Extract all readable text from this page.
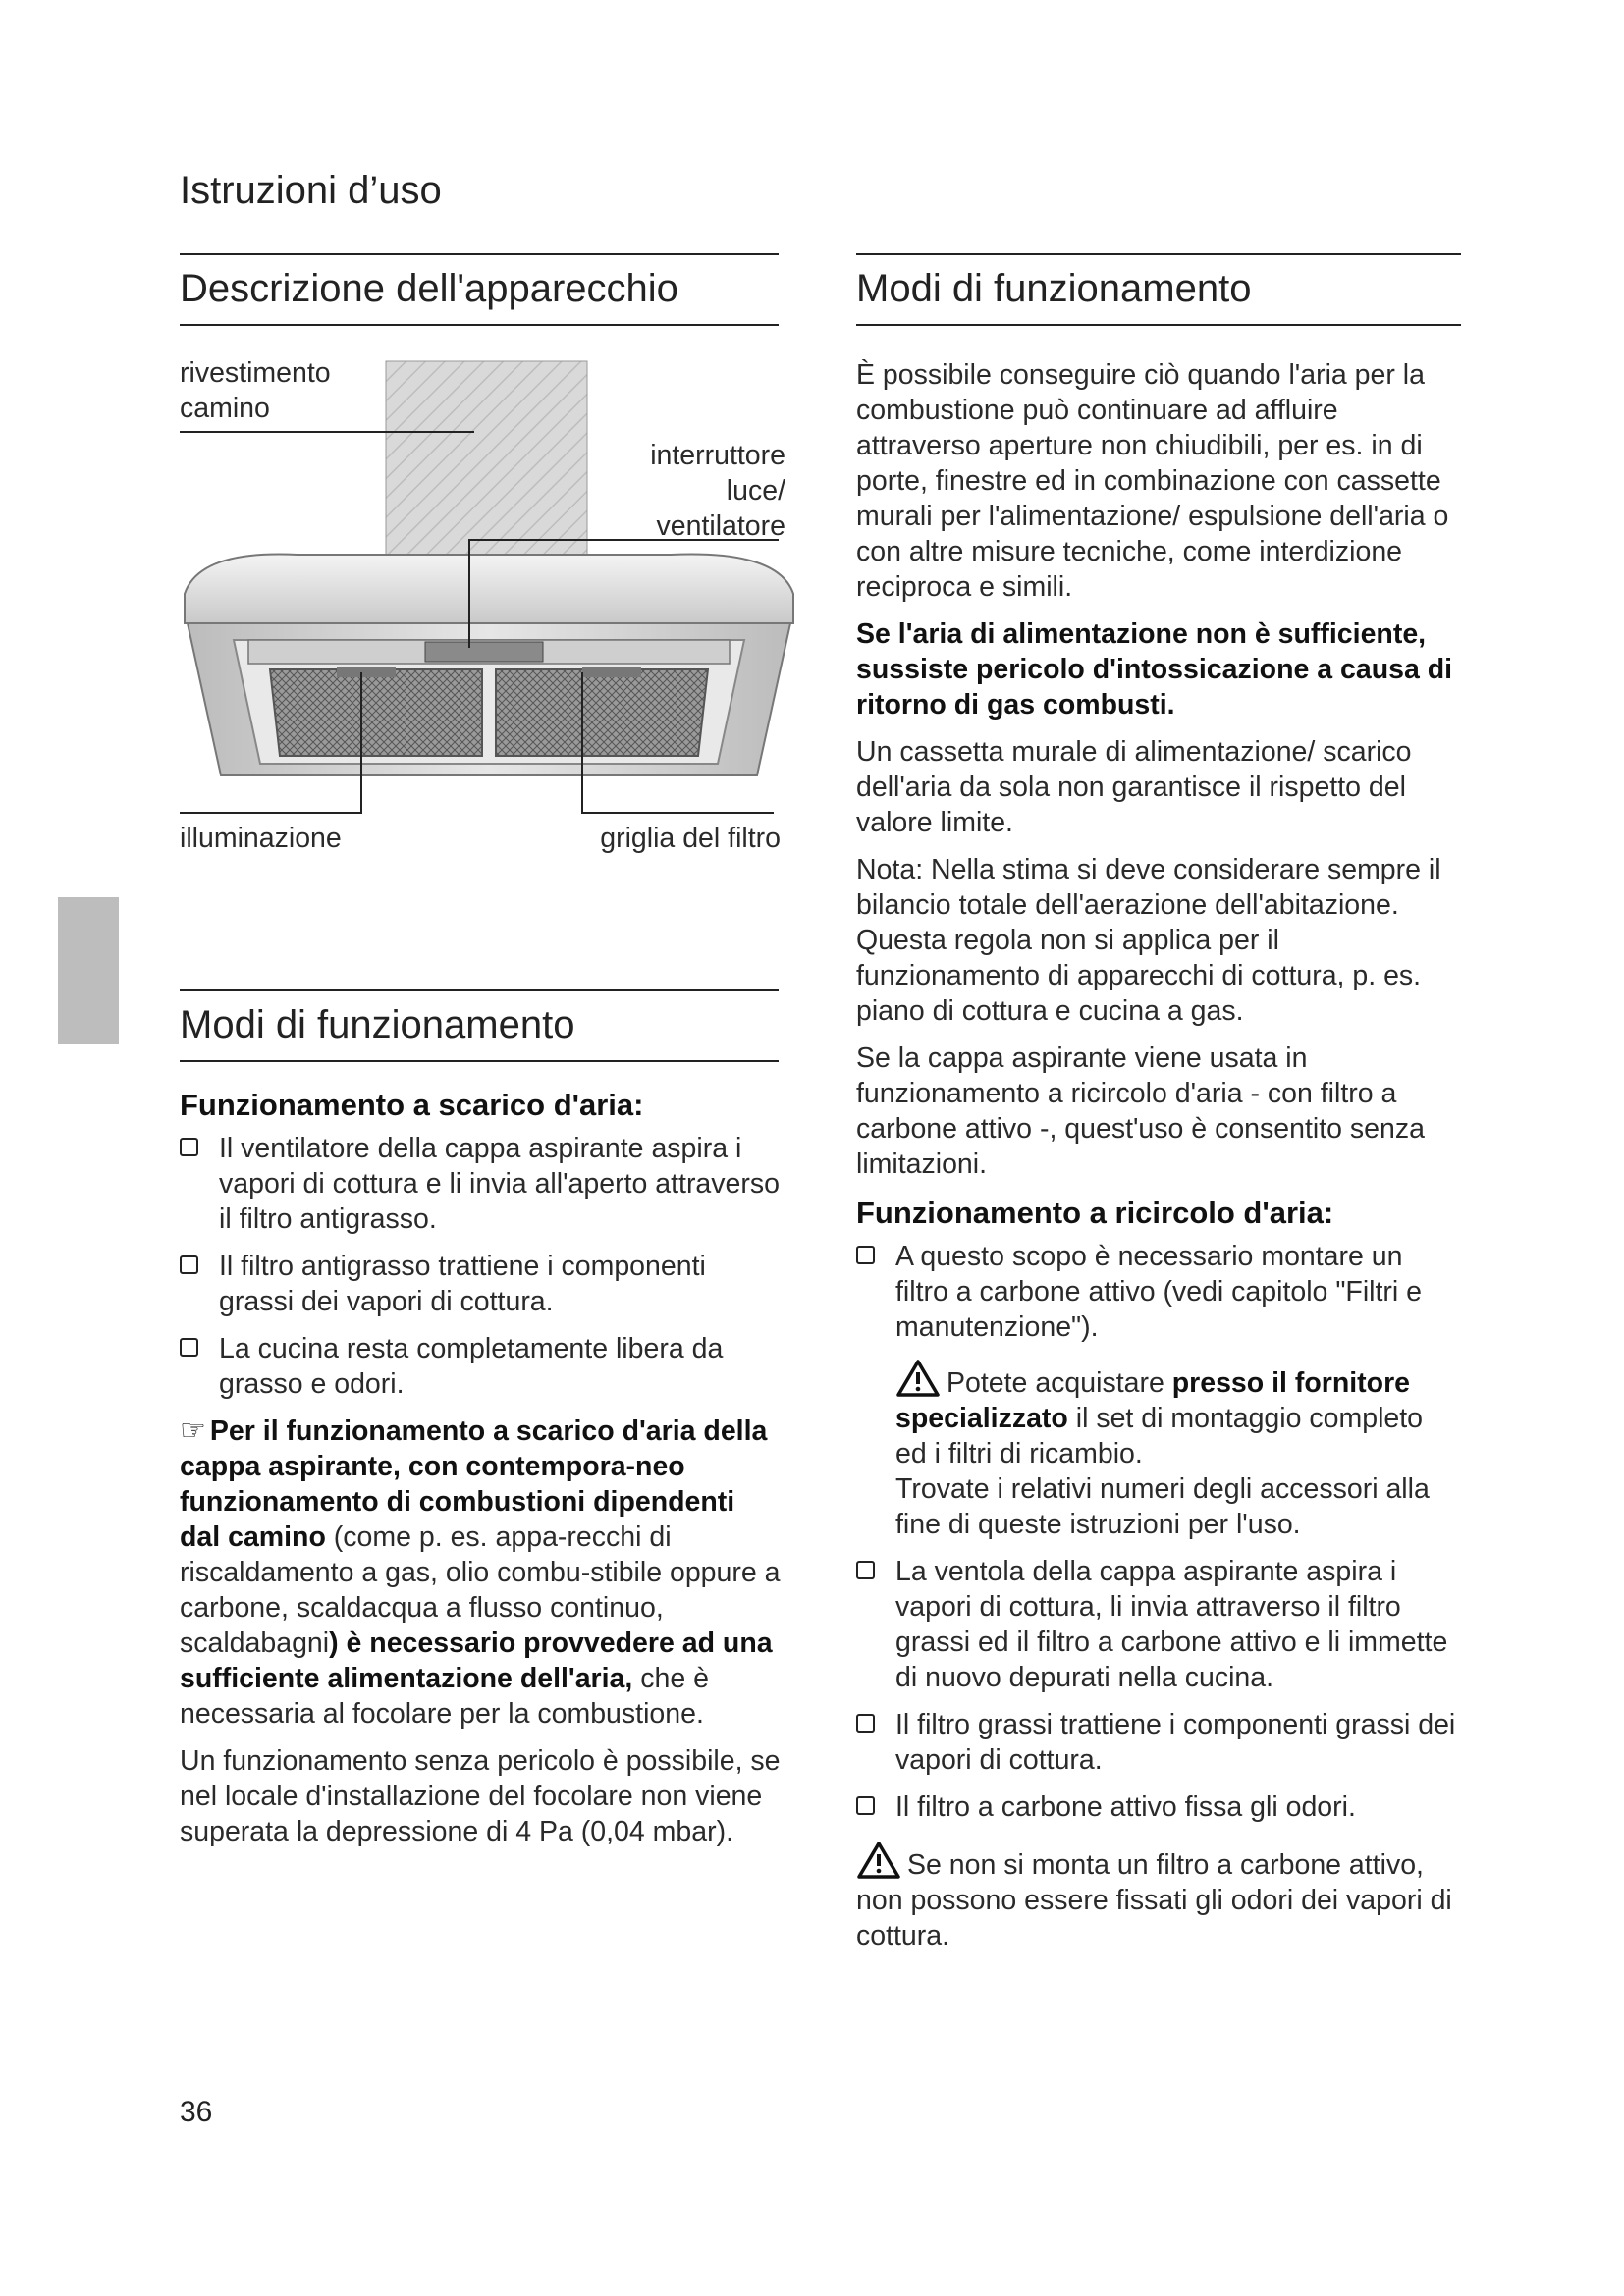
Istruzioni d’uso
Descrizione dell'apparecchio	Modi di funzionamento
rivestimento
camino
interruttore
luce/
ventilatore
illuminazione	griglia del filtro
Modi di funzionamento
Funzionamento a scarico d'aria:
Il ventilatore della cappa aspirante aspira i vapori di cottura e li invia all'aperto attraverso il filtro antigrasso.
Il filtro antigrasso trattiene i componenti grassi dei vapori di cottura.
La cucina resta completamente libera da grasso e odori.

☞ Per il funzionamento a scarico d'aria della cappa aspirante, con contempora-neo funzionamento di combustioni dipendenti dal camino (come p. es. appa-recchi di riscaldamento a gas, olio combu-stibile oppure a carbone, scaldacqua a flusso continuo, scaldabagni) è necessario provvedere ad una sufficiente alimentazione dell'aria, che è necessaria al focolare per la combustione.

Un funzionamento senza pericolo è possibile, se nel locale d'installazione del focolare non viene superata la depressione di 4 Pa (0,04 mbar).

È possibile conseguire ciò quando l'aria per la combustione può continuare ad affluire attraverso aperture non chiudibili, per es. in di porte, finestre ed in combinazione con cassette murali per l'alimentazione/ espulsione dell'aria o con altre misure tecniche, come interdizione reciproca e simili.

Se l'aria di alimentazione non è sufficiente, sussiste pericolo d'intossicazione a causa di ritorno di gas combusti.

Un cassetta murale di alimentazione/ scarico dell'aria da sola non garantisce il rispetto del valore limite.

Nota: Nella stima si deve considerare sempre il bilancio totale dell'aerazione dell'abitazione. Questa regola non si applica per il funzionamento di apparecchi di cottura, p. es. piano di cottura e cucina a gas.

Se la cappa aspirante viene usata in funzionamento a ricircolo d'aria - con filtro a carbone attivo -, quest'uso è consentito senza limitazioni.

Funzionamento a ricircolo d'aria:
A questo scopo è necessario montare un filtro a carbone attivo (vedi capitolo "Filtri e manutenzione").
Potete acquistare presso il fornitore specializzato il set di montaggio completo ed i filtri di ricambio.
Trovate i relativi numeri degli accessori alla fine di queste istruzioni per l'uso.
La ventola della cappa aspirante aspira i vapori di cottura, li invia attraverso il filtro grassi ed il filtro a carbone attivo e li immette di nuovo depurati nella cucina.
Il filtro grassi trattiene i componenti grassi dei vapori di cottura.
Il filtro a carbone attivo fissa gli odori.

Se non si monta un filtro a carbone attivo, non possono essere fissati gli odori dei vapori di cottura.

36
